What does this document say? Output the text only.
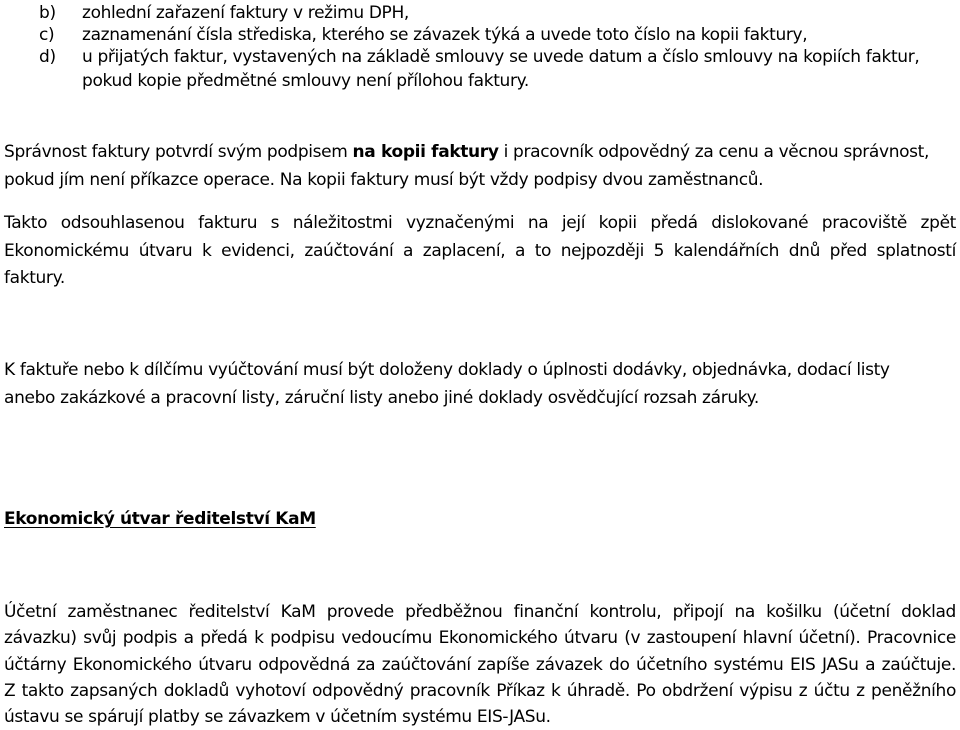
b) zohlední zařazení faktury v režimu DPH,
c) zaznamenání čísla střediska, kterého se závazek týká a uvede toto číslo na kopii faktury,
d) u přijatých faktur, vystavených na základě smlouvy se uvede datum a číslo smlouvy na kopiích faktur,
pokud kopie předmětné smlouvy není přílohou faktury.
Správnost faktury potvrdí svým podpisem na kopii faktury i pracovník odpovědný za cenu a věcnou správnost,
pokud jím není příkazce operace. Na kopii faktury musí být vždy podpisy dvou zaměstnanců.
Takto odsouhlasenou fakturu s náležitostmi vyznačenými na její kopii předá dislokované pracoviště zpět
Ekonomickému útvaru k evidenci, zaúčtování a zaplacení, a to nejpozději 5 kalendářních dnů před splatností
faktury.
K faktuře nebo k dílčímu vyúčtování musí být doloženy doklady o úplnosti dodávky, objednávka, dodací listy
anebo zakázkové a pracovní listy, záruční listy anebo jiné doklady osvědčující rozsah záruky.
Ekonomický útvar ředitelství KaM
Účetní zaměstnanec ředitelství KaM provede předběžnou finanční kontrolu, připojí na košilku (účetní doklad
závazku) svůj podpis a předá k podpisu vedoucímu Ekonomického útvaru (v zastoupení hlavní účetní). Pracovnice
účtárny Ekonomického útvaru odpovědná za zaúčtování zapíše závazek do účetního systému EIS JASu a zaúčtuje.
Z takto zapsaných dokladů vyhotoví odpovědný pracovník Příkaz k úhradě. Po obdržení výpisu z účtu z peněžního
ústavu se spárují platby se závazkem v účetním systému EIS-JASu.
